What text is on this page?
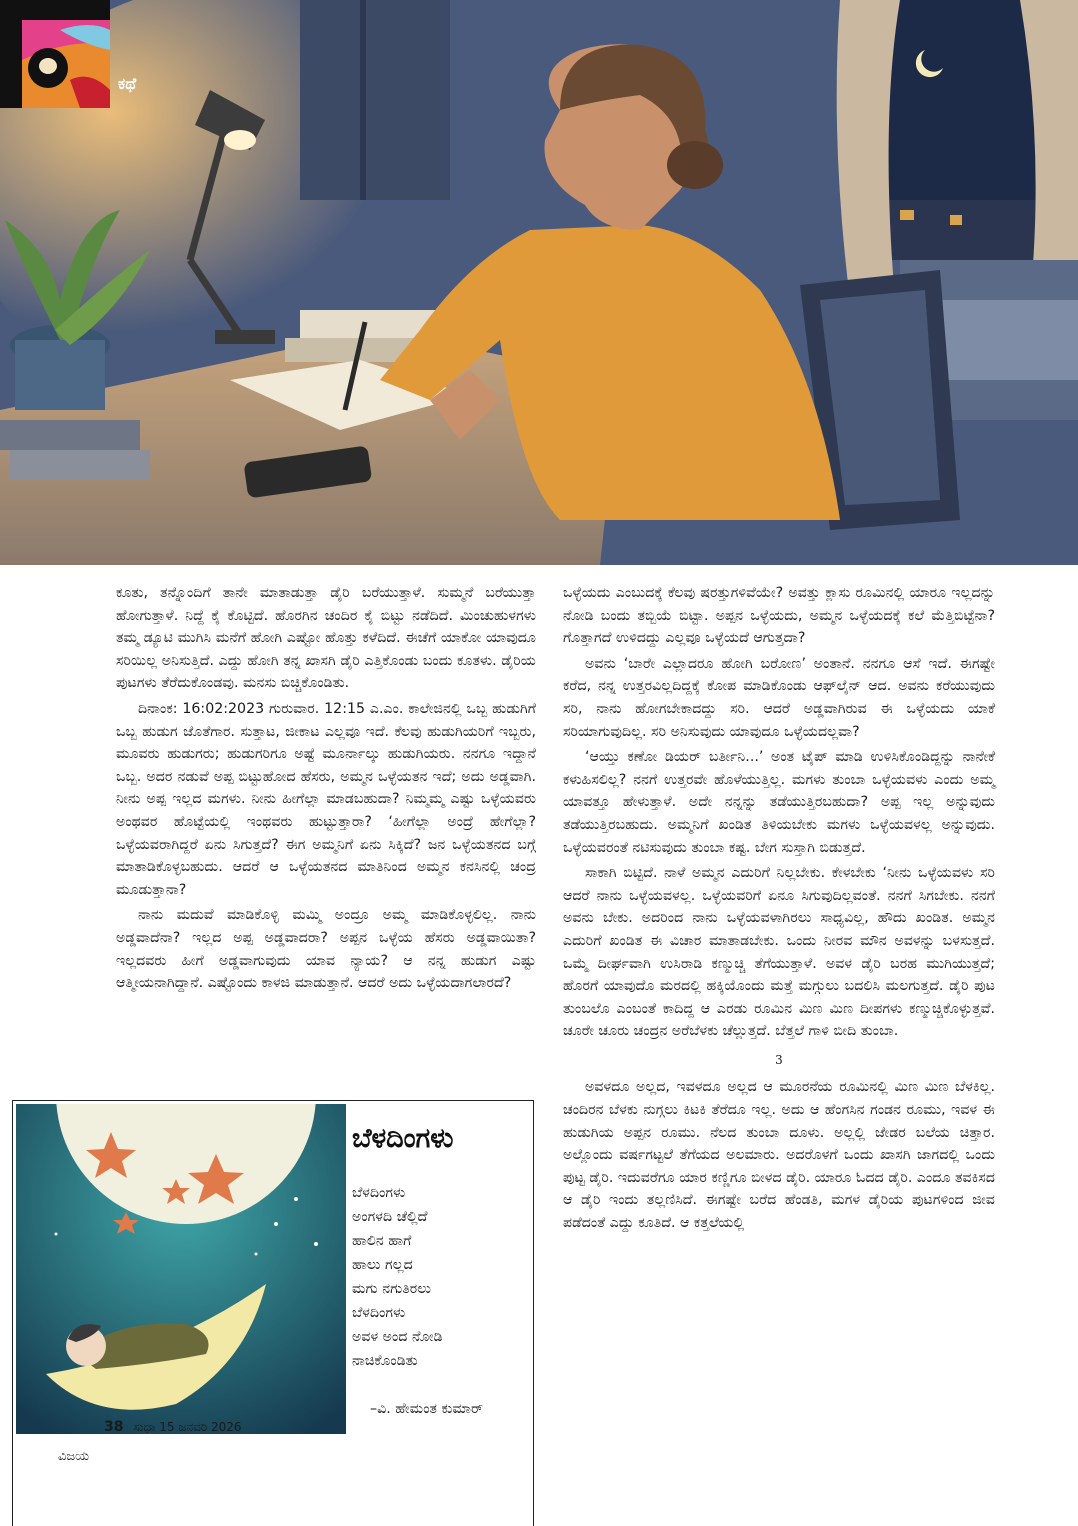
ಕಥೆ

ಕೂತು, ತನ್ನೊಂದಿಗೆ ತಾನೇ ಮಾತಾಡುತ್ತಾ ಡೈರಿ ಬರೆಯುತ್ತಾಳೆ. ಸುಮ್ಮನೆ ಬರೆಯುತ್ತಾ ಹೋಗುತ್ತಾಳೆ. ನಿದ್ದೆ ಕೈ ಕೊಟ್ಟಿದೆ. ಹೊರಗಿನ ಚಂದಿರ ಕೈ ಬಿಟ್ಟು ನಡೆದಿದೆ. ಮಿಂಚುಹುಳಗಳು ತಮ್ಮ ಡ್ಯೂಟಿ ಮುಗಿಸಿ ಮನೆಗೆ ಹೋಗಿ ಎಷ್ಟೋ ಹೊತ್ತು ಕಳೆದಿದೆ. ಈಚೆಗೆ ಯಾಕೋ ಯಾವುದೂ ಸರಿಯಿಲ್ಲ ಅನಿಸುತ್ತಿದೆ. ಎದ್ದು ಹೋಗಿ ತನ್ನ ಖಾಸಗಿ ಡೈರಿ ಎತ್ತಿಕೊಂಡು ಬಂದು ಕೂತಳು. ಡೈರಿಯ ಪುಟಗಳು ತೆರೆದುಕೊಂಡವು. ಮನಸು ಬಿಚ್ಚಿಕೊಂಡಿತು.

ದಿನಾಂಕ: 16:02:2023 ಗುರುವಾರ. 12:15 ಎ.ಎಂ. ಕಾಲೇಜಿನಲ್ಲಿ ಒಬ್ಬ ಹುಡುಗಿಗೆ ಒಬ್ಬ ಹುಡುಗ ಜೊತೆಗಾರ. ಸುತ್ತಾಟ, ಜೀಕಾಟ ಎಲ್ಲವೂ ಇದೆ. ಕೆಲವು ಹುಡುಗಿಯರಿಗೆ ಇಬ್ಬರು, ಮೂವರು ಹುಡುಗರು; ಹುಡುಗರಿಗೂ ಅಷ್ಟೆ ಮೂರ್ನಾಲ್ಕು ಹುಡುಗಿಯರು. ನನಗೂ ಇದ್ದಾನೆ ಒಬ್ಬ. ಅದರ ನಡುವೆ ಅಪ್ಪ ಬಿಟ್ಟುಹೋದ ಹೆಸರು, ಅಮ್ಮನ ಒಳ್ಳೆಯತನ ಇದೆ; ಅದು ಅಡ್ಡವಾಗಿ. ನೀನು ಅಪ್ಪ ಇಲ್ಲದ ಮಗಳು. ನೀನು ಹೀಗೆಲ್ಲಾ ಮಾಡಬಹುದಾ? ನಿಮ್ಮಮ್ಮ ಎಷ್ಟು ಒಳ್ಳೆಯವರು ಅಂಥವರ ಹೊಟ್ಟೆಯಲ್ಲಿ ಇಂಥವರು ಹುಟ್ಟುತ್ತಾರಾ? ‘ಹೀಗೆಲ್ಲಾ ಅಂದ್ರೆ ಹೇಗೆಲ್ಲಾ? ಒಳ್ಳೆಯವರಾಗಿದ್ದರೆ ಏನು ಸಿಗುತ್ತದೆ? ಈಗ ಅಮ್ಮನಿಗೆ ಏನು ಸಿಕ್ಕಿದೆ? ಜನ ಒಳ್ಳೆಯತನದ ಬಗ್ಗೆ ಮಾತಾಡಿಕೊಳ್ಳಬಹುದು. ಆದರೆ ಆ ಒಳ್ಳೆಯತನದ ಮಾತಿನಿಂದ ಅಮ್ಮನ ಕನಸಿನಲ್ಲಿ ಚಂದ್ರ ಮೂಡುತ್ತಾನಾ?

ನಾನು ಮದುವೆ ಮಾಡಿಕೊಳ್ಳಿ ಮಮ್ಮಿ ಅಂದ್ರೂ ಅಮ್ಮ ಮಾಡಿಕೊಳ್ಳಲಿಲ್ಲ. ನಾನು ಅಡ್ಡವಾದೆನಾ? ಇಲ್ಲದ ಅಪ್ಪ ಅಡ್ಡವಾದರಾ? ಅಪ್ಪನ ಒಳ್ಳೆಯ ಹೆಸರು ಅಡ್ಡವಾಯಿತಾ? ಇಲ್ಲದವರು ಹೀಗೆ ಅಡ್ಡವಾಗುವುದು ಯಾವ ನ್ಯಾಯ? ಆ ನನ್ನ ಹುಡುಗ ಎಷ್ಟು ಆತ್ಮೀಯನಾಗಿದ್ದಾನೆ. ಎಷ್ಟೊಂದು ಕಾಳಜಿ ಮಾಡುತ್ತಾನೆ. ಆದರೆ ಅದು ಒಳ್ಳೆಯದಾಗಲಾರದೆ?

ಒಳ್ಳೆಯದು ಎಂಬುದಕ್ಕೆ ಕೆಲವು ಷರತ್ತುಗಳಿವೆಯೇ? ಅವತ್ತು ಕ್ಲಾಸು ರೂಮಿನಲ್ಲಿ ಯಾರೂ ಇಲ್ಲದನ್ನು ನೋಡಿ ಬಂದು ತಬ್ಬಿಯೆ ಬಿಟ್ಟಾ. ಅಪ್ಪನ ಒಳ್ಳೆಯದು, ಅಮ್ಮನ ಒಳ್ಳೆಯದಕ್ಕೆ ಕಲೆ ಮೆತ್ತಿಬಿಟ್ಟೆನಾ? ಗೊತ್ತಾಗದೆ ಉಳಿದದ್ದು ಎಲ್ಲವೂ ಒಳ್ಳೆಯದೆ ಆಗುತ್ತದಾ?

ಅವನು ‘ಬಾರೇ ಎಲ್ಲಾದರೂ ಹೋಗಿ ಬರೋಣ’ ಅಂತಾನೆ. ನನಗೂ ಆಸೆ ಇದೆ. ಈಗಷ್ಟೇ ಕರೆದ, ನನ್ನ ಉತ್ತರವಿಲ್ಲದಿದ್ದಕ್ಕೆ ಕೋಪ ಮಾಡಿಕೊಂಡು ಆಫ್‌ಲೈನ್ ಆದ. ಅವನು ಕರೆಯುವುದು ಸರಿ, ನಾನು ಹೋಗಬೇಕಾದದ್ದು ಸರಿ. ಆದರೆ ಅಡ್ಡವಾಗಿರುವ ಈ ಒಳ್ಳೆಯದು ಯಾಕೆ ಸರಿಯಾಗುವುದಿಲ್ಲ. ಸರಿ ಅನಿಸುವುದು ಯಾವುದೂ ಒಳ್ಳೆಯದಲ್ಲವಾ?

‘ಆಯ್ತು ಕಣೋ ಡಿಯರ್ ಬರ್ತೀನಿ...’ ಅಂತ ಟೈಪ್ ಮಾಡಿ ಉಳಿಸಿಕೊಂಡಿದ್ದನ್ನು ನಾನೇಕೆ ಕಳುಹಿಸಲಿಲ್ಲ? ನನಗೆ ಉತ್ತರವೇ ಹೊಳೆಯುತ್ತಿಲ್ಲ. ಮಗಳು ತುಂಬಾ ಒಳ್ಳೆಯವಳು ಎಂದು ಅಮ್ಮ ಯಾವತ್ತೂ ಹೇಳುತ್ತಾಳೆ. ಅದೇ ನನ್ನನ್ನು ತಡೆಯುತ್ತಿರಬಹುದಾ? ಅಪ್ಪ ಇಲ್ಲ ಅನ್ನುವುದು ತಡೆಯುತ್ತಿರಬಹುದು. ಅಮ್ಮನಿಗೆ ಖಂಡಿತ ತಿಳಿಯಬೇಕು ಮಗಳು ಒಳ್ಳೆಯವಳಲ್ಲ ಅನ್ನುವುದು. ಒಳ್ಳೆಯವರಂತೆ ನಟಿಸುವುದು ತುಂಬಾ ಕಷ್ಟ. ಬೇಗ ಸುಸ್ತಾಗಿ ಬಿಡುತ್ತದೆ.

ಸಾಕಾಗಿ ಬಿಟ್ಟಿದೆ. ನಾಳೆ ಅಮ್ಮನ ಎದುರಿಗೆ ನಿಲ್ಲಬೇಕು. ಕೇಳಬೇಕು ‘ನೀನು ಒಳ್ಳೆಯವಳು ಸರಿ ಆದರೆ ನಾನು ಒಳ್ಳೆಯವಳಲ್ಲ. ಒಳ್ಳೆಯವರಿಗೆ ಏನೂ ಸಿಗುವುದಿಲ್ಲವಂತೆ. ನನಗೆ ಸಿಗಬೇಕು. ನನಗೆ ಅವನು ಬೇಕು. ಅದರಿಂದ ನಾನು ಒಳ್ಳೆಯವಳಾಗಿರಲು ಸಾಧ್ಯವಿಲ್ಲ, ಹೌದು ಖಂಡಿತ. ಅಮ್ಮನ ಎದುರಿಗೆ ಖಂಡಿತ ಈ ವಿಚಾರ ಮಾತಾಡಬೇಕು. ಒಂದು ನೀರವ ಮೌನ ಅವಳನ್ನು ಬಳಸುತ್ತದೆ. ಒಮ್ಮೆ ದೀರ್ಘವಾಗಿ ಉಸಿರಾಡಿ ಕಣ್ಮುಚ್ಚಿ ತೆಗೆಯುತ್ತಾಳೆ. ಅವಳ ಡೈರಿ ಬರಹ ಮುಗಿಯುತ್ತದೆ; ಹೊರಗೆ ಯಾವುದೊ ಮರದಲ್ಲಿ ಹಕ್ಕಿಯೊಂದು ಮತ್ತೆ ಮಗ್ಗುಲು ಬದಲಿಸಿ ಮಲಗುತ್ತದೆ. ಡೈರಿ ಪುಟ ತುಂಬಲೊ ಎಂಬಂತೆ ಕಾದಿದ್ದ ಆ ಎರಡು ರೂಮಿನ ಮಿಣ ಮಿಣ ದೀಪಗಳು ಕಣ್ಮುಚ್ಚಿಕೊಳ್ಳುತ್ತವೆ. ಚೂರೇ ಚೂರು ಚಂದ್ರನ ಅರೆಬೆಳಕು ಚೆಲ್ಲುತ್ತದೆ. ಬೆತ್ತಲೆ ಗಾಳಿ ಬೀದಿ ತುಂಬಾ.

3

ಅವಳದೂ ಅಲ್ಲದ, ಇವಳದೂ ಅಲ್ಲದ ಆ ಮೂರನೆಯ ರೂಮಿನಲ್ಲಿ ಮಿಣ ಮಿಣ ಬೆಳಕಿಲ್ಲ. ಚಂದಿರನ ಬೆಳಕು ನುಗ್ಗಲು ಕಿಟಕಿ ತೆರೆದೂ ಇಲ್ಲ. ಅದು ಆ ಹೆಂಗಸಿನ ಗಂಡನ ರೂಮು, ಇವಳ ಈ ಹುಡುಗಿಯ ಅಪ್ಪನ ರೂಮು. ನೆಲದ ತುಂಬಾ ದೂಳು. ಅಲ್ಲಲ್ಲಿ ಜೇಡರ ಬಲೆಯ ಚಿತ್ತಾರ. ಅಲ್ಲೊಂದು ವರ್ಷಗಟ್ಟಲೆ ತೆಗೆಯದ ಅಲಮಾರು. ಅದರೊಳಗೆ ಒಂದು ಖಾಸಗಿ ಜಾಗದಲ್ಲಿ ಒಂದು ಪುಟ್ಟ ಡೈರಿ. ಇದುವರೆಗೂ ಯಾರ ಕಣ್ಣಿಗೂ ಬೀಳದ ಡೈರಿ. ಯಾರೂ ಓದದ ಡೈರಿ. ಎಂದೂ ತವಕಿಸದ ಆ ಡೈರಿ ಇಂದು ತಲ್ಲಣಿಸಿದೆ. ಈಗಷ್ಟೇ ಬರೆದ ಹೆಂಡತಿ, ಮಗಳ ಡೈರಿಯ ಪುಟಗಳಿಂದ ಜೀವ ಪಡೆದಂತೆ ಎದ್ದು ಕೂತಿದೆ. ಆ ಕತ್ತಲೆಯಲ್ಲಿ

ಬೆಳದಿಂಗಳು
ಬೆಳದಿಂಗಳು
ಅಂಗಳದಿ ಚೆಲ್ಲಿದೆ
ಹಾಲಿನ ಹಾಗೆ
ಹಾಲು ಗಲ್ಲದ
ಮಗು ನಗುತಿರಲು
ಬೆಳದಿಂಗಳು
ಅವಳ ಅಂದ ನೋಡಿ
ನಾಚಿಕೊಂಡಿತು
–ವಿ. ಹೇಮಂತ ಕುಮಾರ್
ವಿಜಯ
38 ಸುಧಾ 15 ಜನವರಿ 2026
